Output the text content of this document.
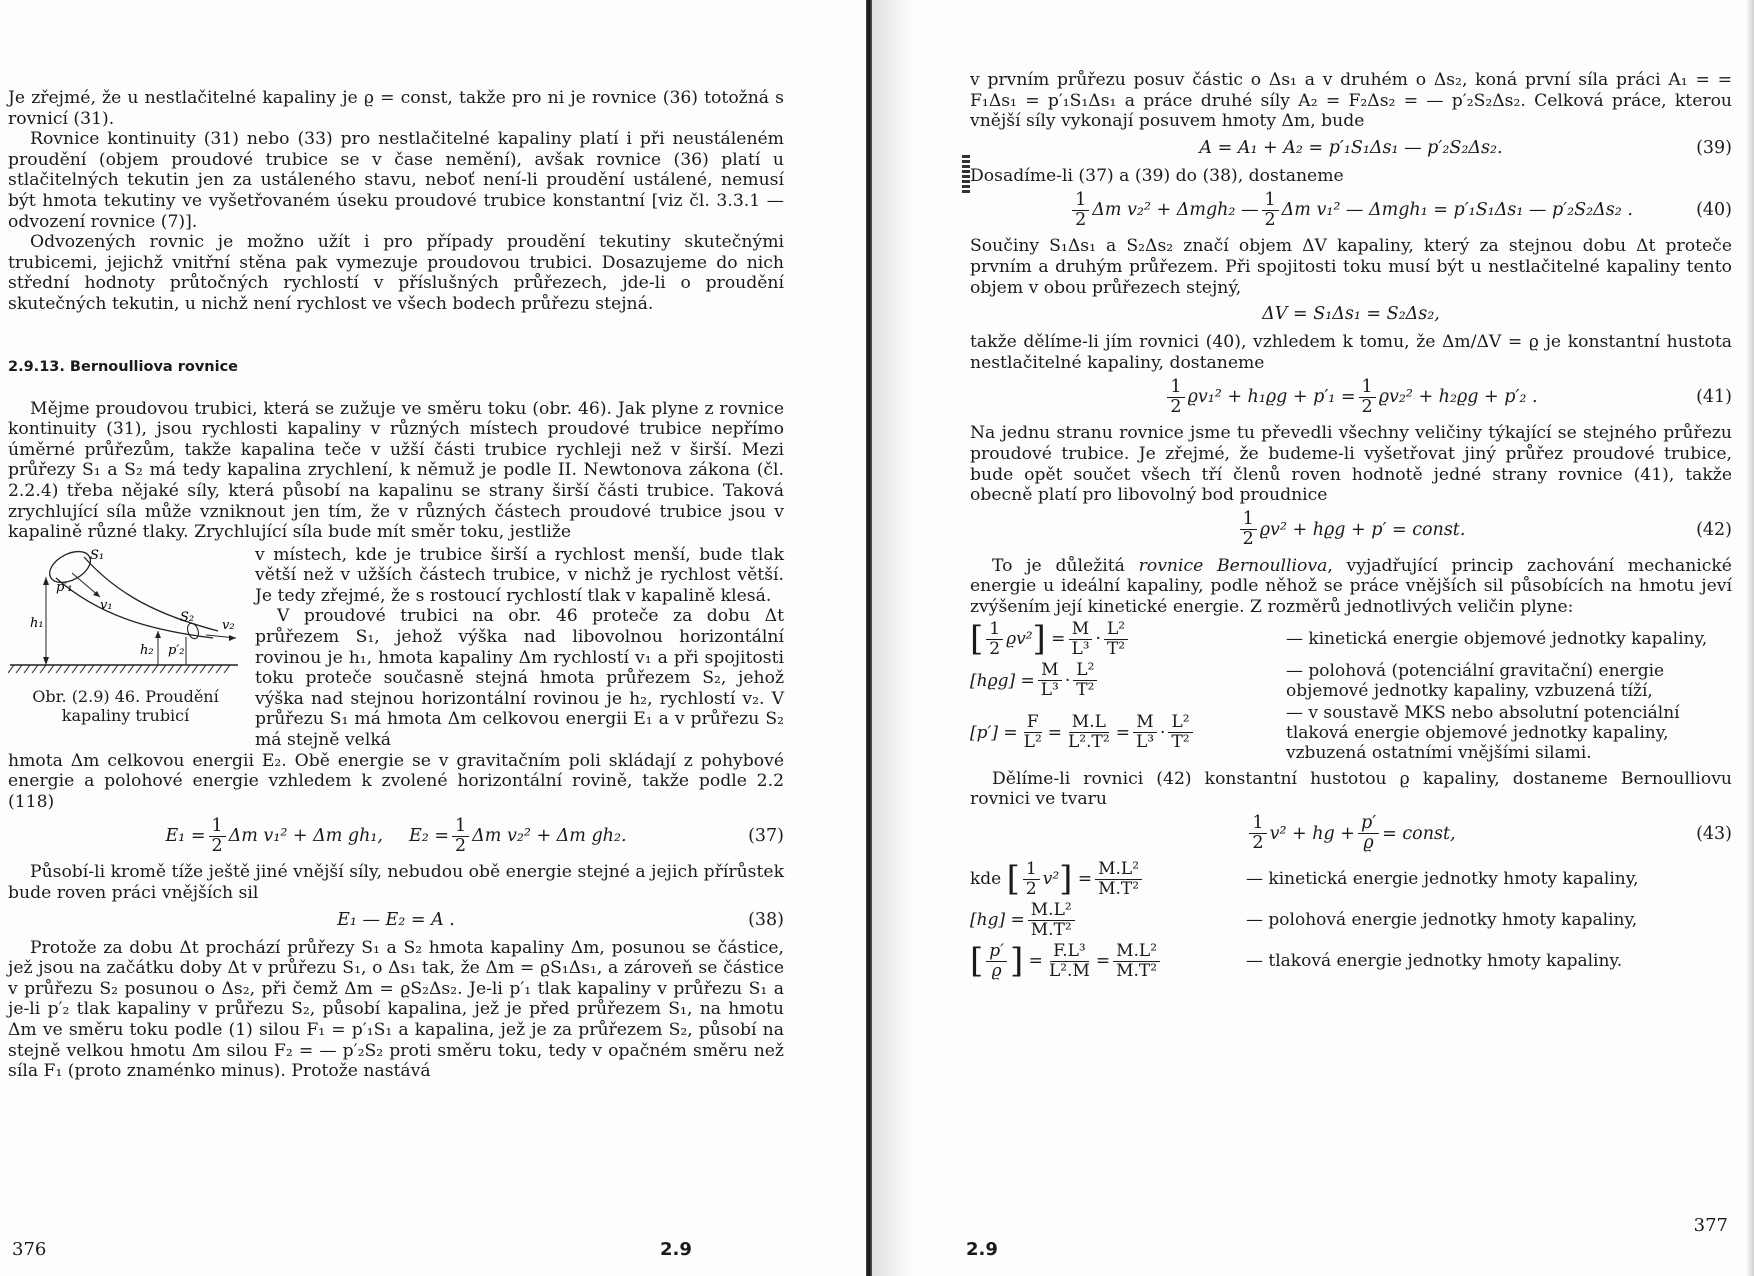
Je zřejmé, že u nestlačitelné kapaliny je ϱ = const, takže pro ni je rovnice (36) totožná s rovnicí (31).

Rovnice kontinuity (31) nebo (33) pro nestlačitelné kapaliny platí i při neustáleném proudění (objem proudové trubice se v čase nemění), avšak rovnice (36) platí u stlačitelných tekutin jen za ustáleného stavu, neboť není-li proudění ustálené, nemusí být hmota tekutiny ve vyšetřovaném úseku proudové trubice konstantní [viz čl. 3.3.1 — odvození rovnice (7)].

Odvozených rovnic je možno užít i pro případy proudění tekutiny skutečnými trubicemi, jejichž vnitřní stěna pak vymezuje proudovou trubici. Dosazujeme do nich střední hodnoty průtočných rychlostí v příslušných průřezech, jde-li o proudění skutečných tekutin, u nichž není rychlost ve všech bodech průřezu stejná.

2.9.13. Bernoulliova rovnice

Mějme proudovou trubici, která se zužuje ve směru toku (obr. 46). Jak plyne z rovnice kontinuity (31), jsou rychlosti kapaliny v různých místech proudové trubice nepřímo úměrné průřezům, takže kapalina teče v užší části trubice rychleji než v širší. Mezi průřezy S₁ a S₂ má tedy kapalina zrychlení, k němuž je podle II. Newtonova zákona (čl. 2.2.4) třeba nějaké síly, která působí na kapalinu se strany širší části trubice. Taková zrychlující síla může vzniknout jen tím, že v různých částech proudové trubice jsou v kapalině různé tlaky. Zrychlující síla bude mít směr toku, jestliže

S₁
p′₁
v₁
h₁	S₂
p′₂
v₂
h₂
Obr. (2.9) 46. Proudění kapaliny trubicí

v místech, kde je trubice širší a rychlost menší, bude tlak větší než v užších částech trubice, v nichž je rychlost větší. Je tedy zřejmé, že s rostoucí rychlostí tlak v kapalině klesá.

V proudové trubici na obr. 46 proteče za dobu Δt průřezem S₁, jehož výška nad libovolnou horizontální rovinou je h₁, hmota kapaliny Δm rychlostí v₁ a při spojitosti toku proteče současně stejná hmota průřezem S₂, jehož výška nad stejnou horizontální rovinou je h₂, rychlostí v₂. V průřezu S₁ má hmota Δm celkovou energii E₁ a v průřezu S₂ má stejně velká

hmota Δm celkovou energii E₂. Obě energie se v gravitačním poli skládají z pohybové energie a polohové energie vzhledem k zvolené horizontální rovině, takže podle 2.2 (118)

$E_1 = \frac{1}{2}$ Δm v₁² + Δm gh₁, $E_2 = \frac{1}{2}$ Δm v₂² + Δm gh₂.	(37)

Působí-li kromě tíže ještě jiné vnější síly, nebudou obě energie stejné a jejich přírůstek bude roven práci vnějších sil

E₁ — E₂ = A .	(38)

Protože za dobu Δt prochází průřezy S₁ a S₂ hmota kapaliny Δm, posunou se částice, jež jsou na začátku doby Δt v průřezu S₁, o Δs₁ tak, že Δm = ϱS₁Δs₁, a zároveň se částice v průřezu S₂ posunou o Δs₂, při čemž Δm = ϱS₂Δs₂. Je-li p′₁ tlak kapaliny v průřezu S₁ a je-li p′₂ tlak kapaliny v průřezu S₂, působí kapalina, jež je před průřezem S₁, na hmotu Δm ve směru toku podle (1) silou F₁ = p′₁S₁ a kapalina, jež je za průřezem S₂, působí na stejně velkou hmotu Δm silou F₂ = — p′₂S₂ proti směru toku, tedy v opačném směru než síla F₁ (proto znaménko minus). Protože nastává

376	2.9

v prvním průřezu posuv částic o Δs₁ a v druhém o Δs₂, koná první síla práci A₁ = = F₁Δs₁ = p′₁S₁Δs₁ a práce druhé síly A₂ = F₂Δs₂ = — p′₂S₂Δs₂. Celková práce, kterou vnější síly vykonají posuvem hmoty Δm, bude

A = A₁ + A₂ = p′₁S₁Δs₁ — p′₂S₂Δs₂.	(39)

Dosadíme-li (37) a (39) do (38), dostaneme

$\frac{1}{2}$ Δm v₂² + Δmgh₂ — $\frac{1}{2}$ Δm v₁² — Δmgh₁ = p′₁S₁Δs₁ — p′₂S₂Δs₂ .	(40)

Součiny S₁Δs₁ a S₂Δs₂ značí objem ΔV kapaliny, který za stejnou dobu Δt proteče prvním a druhým průřezem. Při spojitosti toku musí být u nestlačitelné kapaliny tento objem v obou průřezech stejný,

ΔV = S₁Δs₁ = S₂Δs₂,

takže dělíme-li jím rovnici (40), vzhledem k tomu, že Δm/ΔV = ϱ je konstantní hustota nestlačitelné kapaliny, dostaneme

$\frac{1}{2} ϱv_1^2 + h_1ϱg + p'_1 = \frac{1}{2} ϱv_2^2 + h_2ϱg + p'_2$ .	(41)

Na jednu stranu rovnice jsme tu převedli všechny veličiny týkající se stejného průřezu proudové trubice. Je zřejmé, že budeme-li vyšetřovat jiný průřez proudové trubice, bude opět součet všech tří členů roven hodnotě jedné strany rovnice (41), takže obecně platí pro libovolný bod proudnice

$\frac{1}{2} ϱv^2 + hϱg + p'$ = const.	(42)

To je důležitá rovnice Bernoulliova, vyjadřující princip zachování mechanické energie u ideální kapaliny, podle něhož se práce vnějších sil působících na hmotu jeví zvýšením její kinetické energie. Z rozměrů jednotlivých veličin plyne:

[ $\frac{1}{2} ϱv^2$ ] = $\frac{M}{\text{L³}} \cdot \frac{\text{L²}}{\text{T²}}$	— kinetická energie objemové jednotky kapaliny,
$[hϱg] = \frac{M}{\text{L³}} \cdot \frac{\text{L²}}{\text{T²}}$	— polohová (potenciální gravitační) energie objemové jednotky kapaliny, vzbuzená tíží,
$[p'] = \frac{F}{\text{L²}} = \frac{M.L}{\text{L².T²}} = \frac{M}{\text{L³}} \cdot \frac{\text{L²}}{\text{T²}}$
— v soustavě MKS nebo absolutní potenciální tlaková energie objemové jednotky kapaliny, vzbuzená ostatními vnějšími silami.

Dělíme-li rovnici (42) konstantní hustotou ϱ kapaliny, dostaneme Bernoulliovu rovnici ve tvaru

$\frac{1}{2} v^2$ + hg + $\frac{p'}{ϱ}$ = const,	(43)
kde
[ $\frac{1}{2} v^2$ ] = $\frac{\text{M.L²}}{\text{M.T²}}$	— kinetická energie jednotky hmoty kapaliny,
$[hg] = \frac{\text{M.L²}}{\text{M.T²}}$	— polohová energie jednotky hmoty kapaliny,
[ $\frac{p'}{ϱ}$ ] = $\frac{\text{F.L³}}{\text{L².M}} = \frac{\text{M.L²}}{\text{M.T²}}$	— tlaková energie jednotky hmoty kapaliny.
2.9
377
